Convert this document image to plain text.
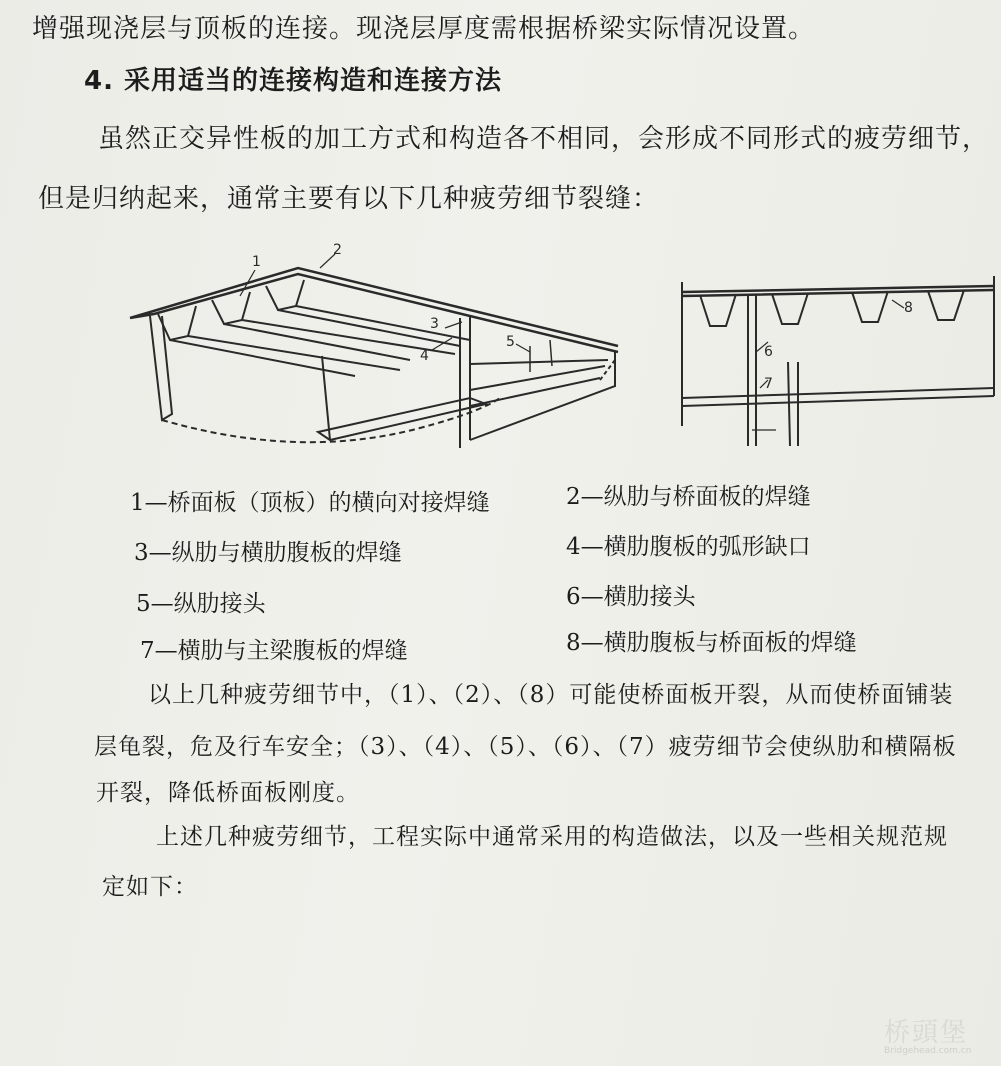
增强现浇层与顶板的连接。现浇层厚度需根据桥梁实际情况设置。
4. 采用适当的连接构造和连接方法
虽然正交异性板的加工方式和构造各不相同，会形成不同形式的疲劳细节，
但是归纳起来，通常主要有以下几种疲劳细节裂缝：
1
2
3
4
5
6
7
8
1—桥面板（顶板）的横向对接焊缝	2—纵肋与桥面板的焊缝
3—纵肋与横肋腹板的焊缝	4—横肋腹板的弧形缺口
5—纵肋接头	6—横肋接头
7—横肋与主梁腹板的焊缝	8—横肋腹板与桥面板的焊缝
以上几种疲劳细节中，（1）、（2）、（8）可能使桥面板开裂，从而使桥面铺装
层龟裂，危及行车安全；（3）、（4）、（5）、（6）、（7）疲劳细节会使纵肋和横隔板
开裂，降低桥面板刚度。
上述几种疲劳细节，工程实际中通常采用的构造做法，以及一些相关规范规
定如下：
桥頭堡
Bridgehead.com.cn
